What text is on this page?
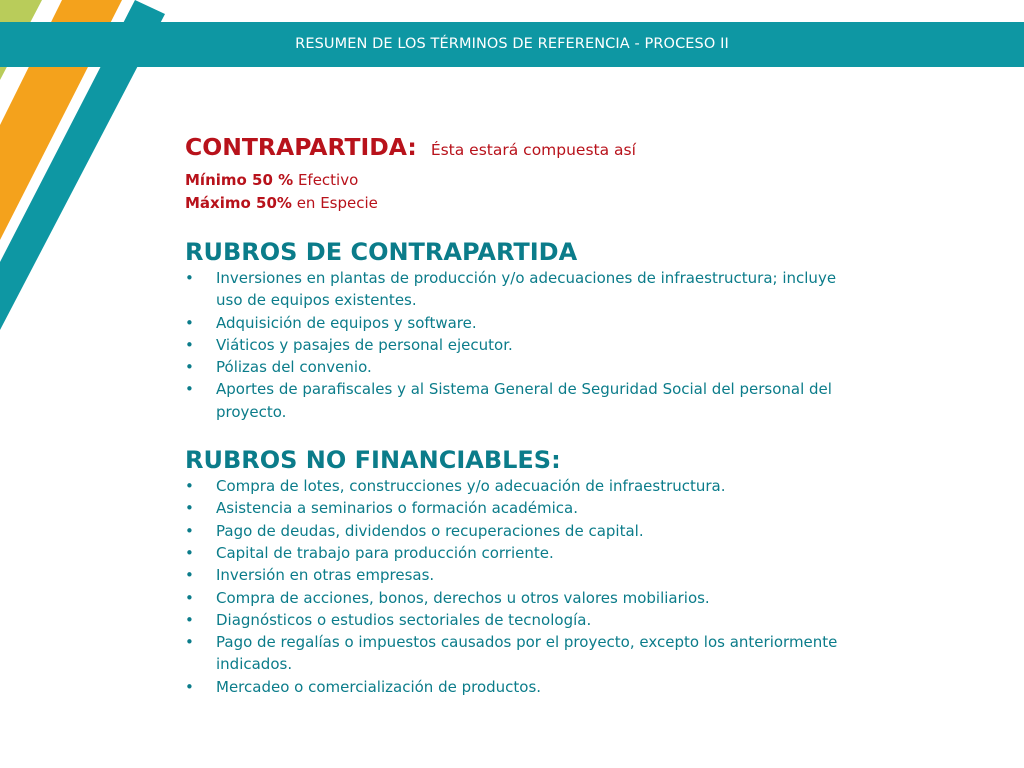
RESUMEN DE LOS TÉRMINOS DE REFERENCIA - PROCESO II
CONTRAPARTIDA: Ésta estará compuesta así
Mínimo 50 % Efectivo
Máximo 50% en Especie
RUBROS DE CONTRAPARTIDA
• Inversiones en plantas de producción y/o adecuaciones de infraestructura; incluye uso de equipos existentes.
• Adquisición de equipos y software.
• Viáticos y pasajes de personal ejecutor.
• Pólizas del convenio.
• Aportes de parafiscales y al Sistema General de Seguridad Social del personal del proyecto.
RUBROS NO FINANCIABLES:
• Compra de lotes, construcciones y/o adecuación de infraestructura.
• Asistencia a seminarios o formación académica.
• Pago de deudas, dividendos o recuperaciones de capital.
• Capital de trabajo para producción corriente.
• Inversión en otras empresas.
• Compra de acciones, bonos, derechos u otros valores mobiliarios.
• Diagnósticos o estudios sectoriales de tecnología.
• Pago de regalías o impuestos causados por el proyecto, excepto los anteriormente indicados.
• Mercadeo o comercialización de productos.
